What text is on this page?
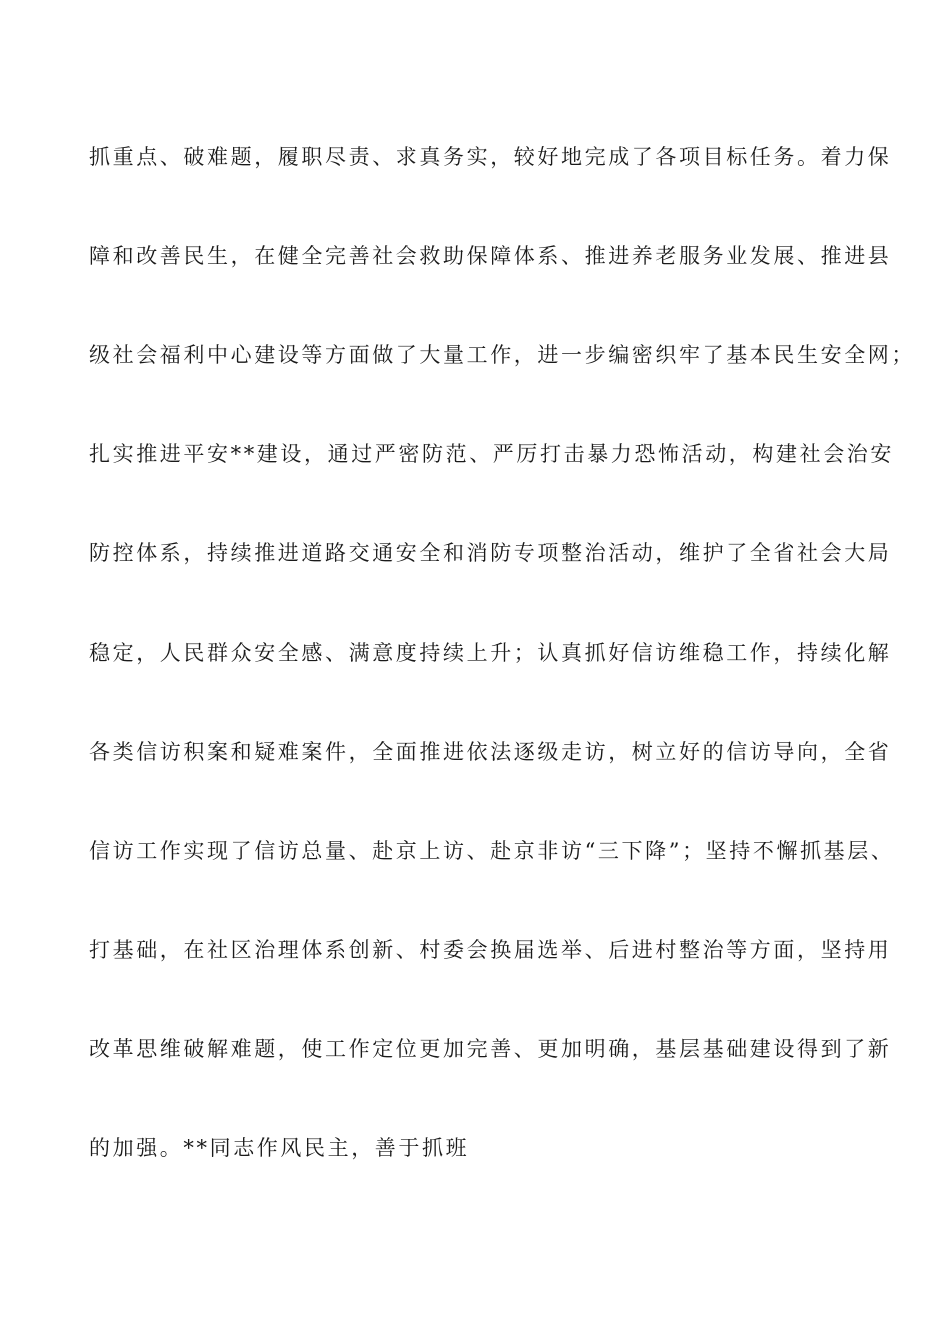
抓重点、破难题，履职尽责、求真务实，较好地完成了各项目标任务。着力保
障和改善民生，在健全完善社会救助保障体系、推进养老服务业发展、推进县
级社会福利中心建设等方面做了大量工作，进一步编密织牢了基本民生安全网；
扎实推进平安**建设，通过严密防范、严厉打击暴力恐怖活动，构建社会治安
防控体系，持续推进道路交通安全和消防专项整治活动，维护了全省社会大局
稳定，人民群众安全感、满意度持续上升；认真抓好信访维稳工作，持续化解
各类信访积案和疑难案件，全面推进依法逐级走访，树立好的信访导向，全省
信访工作实现了信访总量、赴京上访、赴京非访“三下降”；坚持不懈抓基层、
打基础，在社区治理体系创新、村委会换届选举、后进村整治等方面，坚持用
改革思维破解难题，使工作定位更加完善、更加明确，基层基础建设得到了新
的加强。**同志作风民主，善于抓班
